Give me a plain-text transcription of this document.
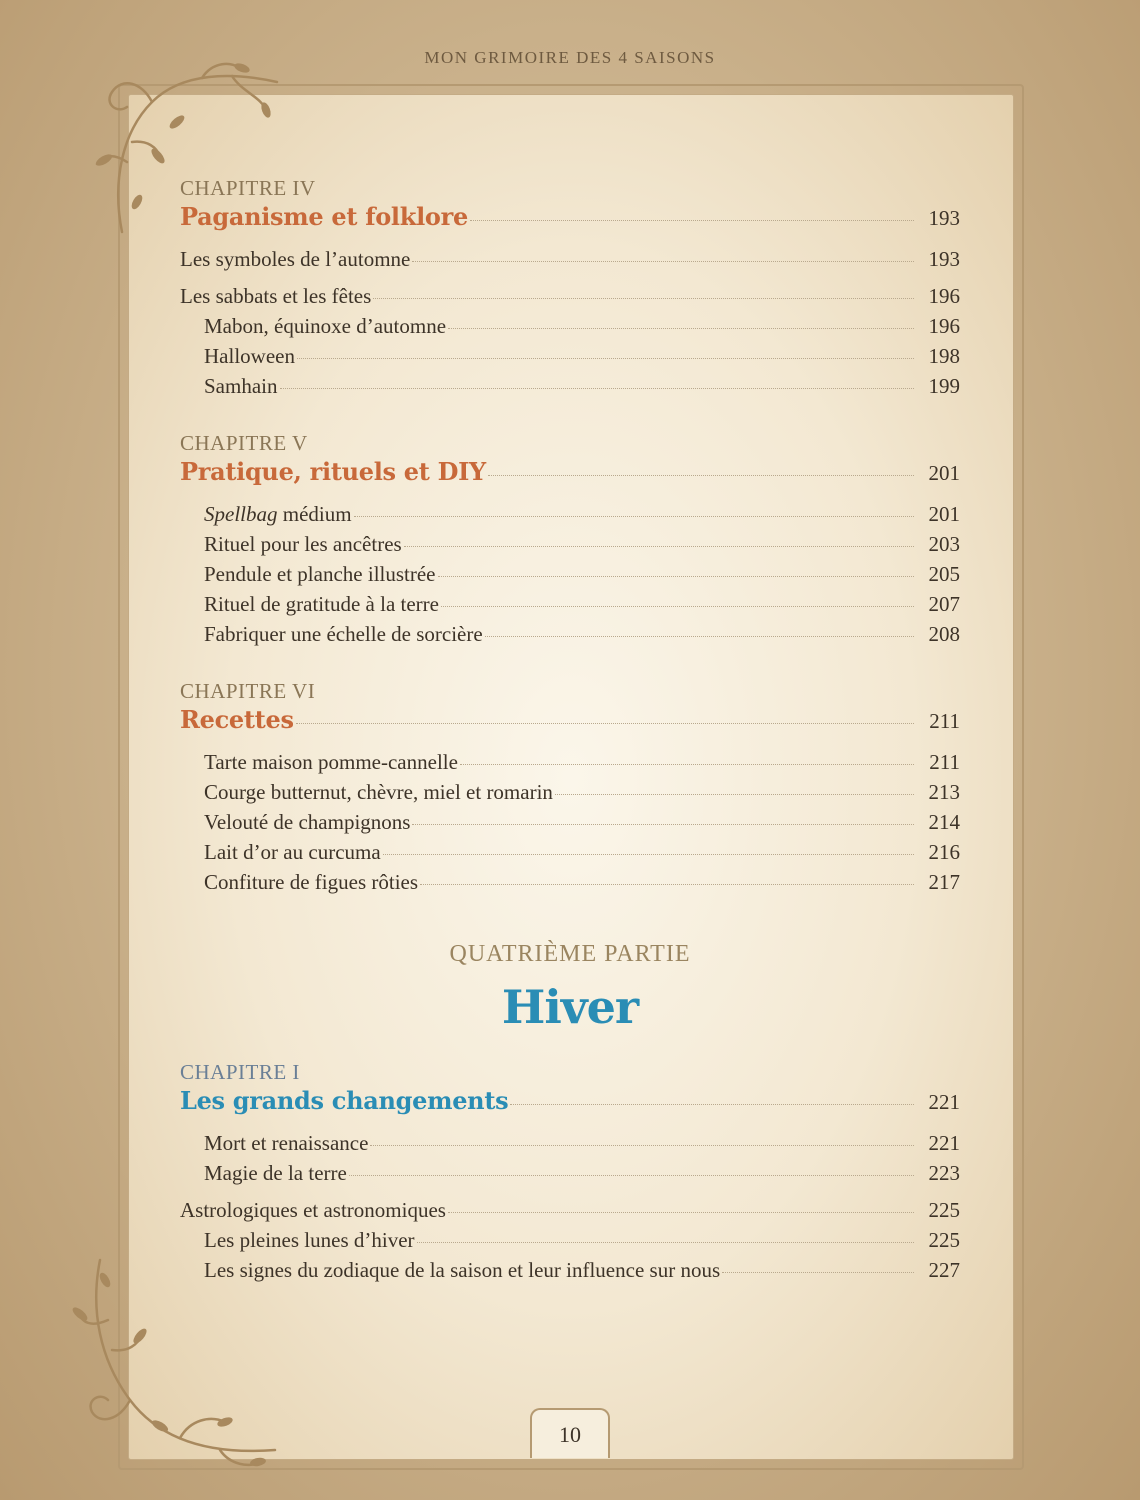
MON GRIMOIRE DES 4 SAISONS
CHAPITRE IV
Paganisme et folklore	193
Les symboles de l’automne	193
Les sabbats et les fêtes	196
Mabon, équinoxe d’automne	196
Halloween	198
Samhain	199
CHAPITRE V
Pratique, rituels et DIY	201
Spellbag médium	201
Rituel pour les ancêtres	203
Pendule et planche illustrée	205
Rituel de gratitude à la terre	207
Fabriquer une échelle de sorcière	208
CHAPITRE VI
Recettes	211
Tarte maison pomme-cannelle	211
Courge butternut, chèvre, miel et romarin	213
Velouté de champignons	214
Lait d’or au curcuma	216
Confiture de figues rôties	217
QUATRIÈME PARTIE
Hiver
CHAPITRE I
Les grands changements	221
Mort et renaissance	221
Magie de la terre	223
Astrologiques et astronomiques	225
Les pleines lunes d’hiver	225
Les signes du zodiaque de la saison et leur influence sur nous	227
10
